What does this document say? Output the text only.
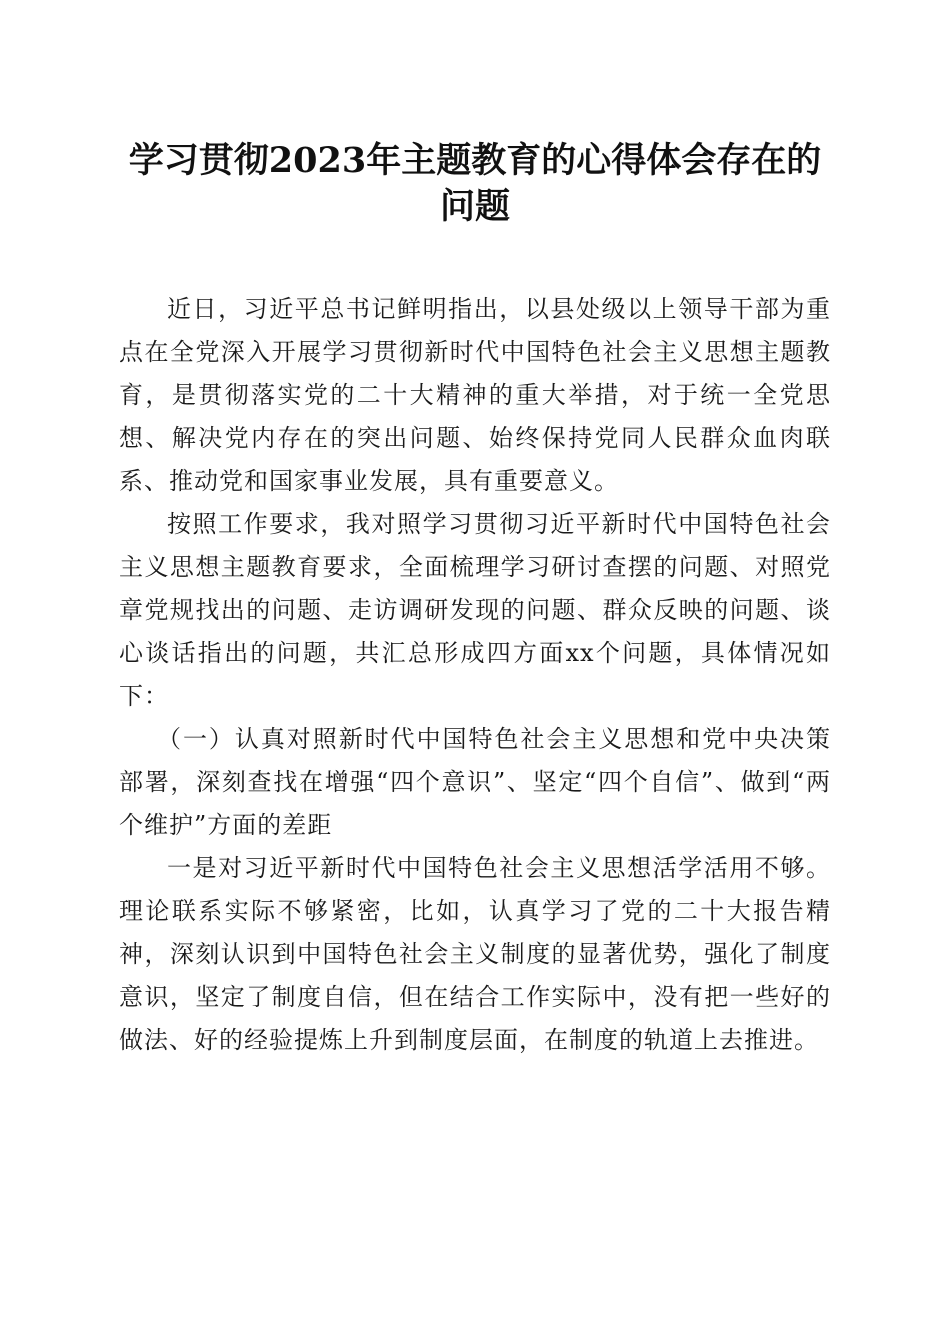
学习贯彻2023年主题教育的心得体会存在的
问题

近日，习近平总书记鲜明指出，以县处级以上领导干部为重点在全党深入开展学习贯彻新时代中国特色社会主义思想主题教育，是贯彻落实党的二十大精神的重大举措，对于统一全党思想、解决党内存在的突出问题、始终保持党同人民群众血肉联系、推动党和国家事业发展，具有重要意义。

按照工作要求，我对照学习贯彻习近平新时代中国特色社会主义思想主题教育要求，全面梳理学习研讨查摆的问题、对照党章党规找出的问题、走访调研发现的问题、群众反映的问题、谈心谈话指出的问题，共汇总形成四方面xx个问题，具体情况如下：

（一）认真对照新时代中国特色社会主义思想和党中央决策部署，深刻查找在增强“四个意识”、坚定“四个自信”、做到“两个维护”方面的差距

一是对习近平新时代中国特色社会主义思想活学活用不够。理论联系实际不够紧密，比如，认真学习了党的二十大报告精神，深刻认识到中国特色社会主义制度的显著优势，强化了制度意识，坚定了制度自信，但在结合工作实际中，没有把一些好的做法、好的经验提炼上升到制度层面，在制度的轨道上去推进。
